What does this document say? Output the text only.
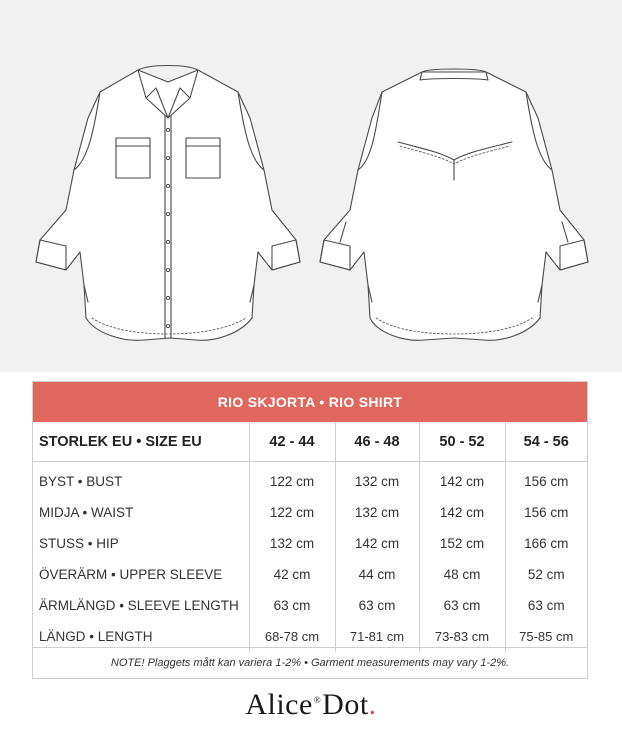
RIO SKJORTA • RIO SHIRT
STORLEK EU • SIZE EU	42 - 44	46 - 48	50 - 52	54 - 56
BYST • BUST	122 cm	132 cm	142 cm	156 cm
MIDJA • WAIST	122 cm	132 cm	142 cm	156 cm
STUSS • HIP	132 cm	142 cm	152 cm	166 cm
ÖVERÄRM • UPPER SLEEVE	42 cm	44 cm	48 cm	52 cm
ÄRMLÄNGD • SLEEVE LENGTH	63 cm	63 cm	63 cm	63 cm
LÄNGD • LENGTH	68-78 cm	71-81 cm	73-83 cm	75-85 cm
NOTE! Plaggets mått kan variera 1-2% • Garment measurements may vary 1-2%.
Alice®Dot.
